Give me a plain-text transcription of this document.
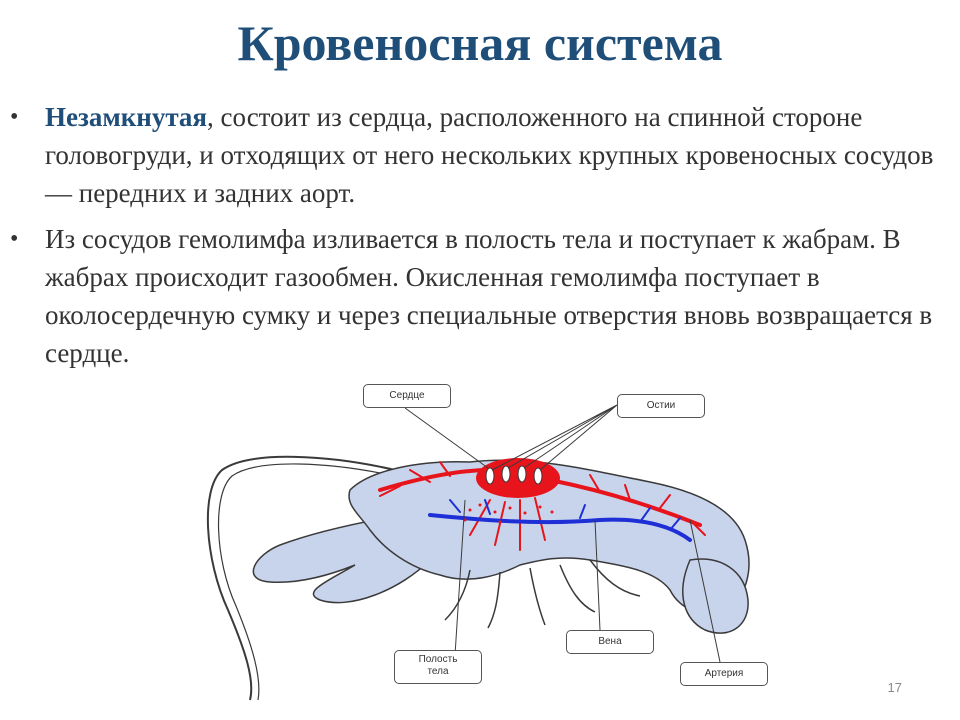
Кровеносная система
• Незамкнутая, состоит из сердца, расположенного на спинной стороне головогруди, и отходящих от него нескольких крупных кровеносных сосудов — передних и задних аорт.
• Из сосудов гемолимфа изливается в полость тела и поступает к жабрам. В жабрах происходит газообмен. Окисленная гемолимфа поступает в околосердечную сумку и через специальные отверстия вновь возвращается в сердце.
Сердце
Остии
Вена
Полость
тела	Артерия
17
